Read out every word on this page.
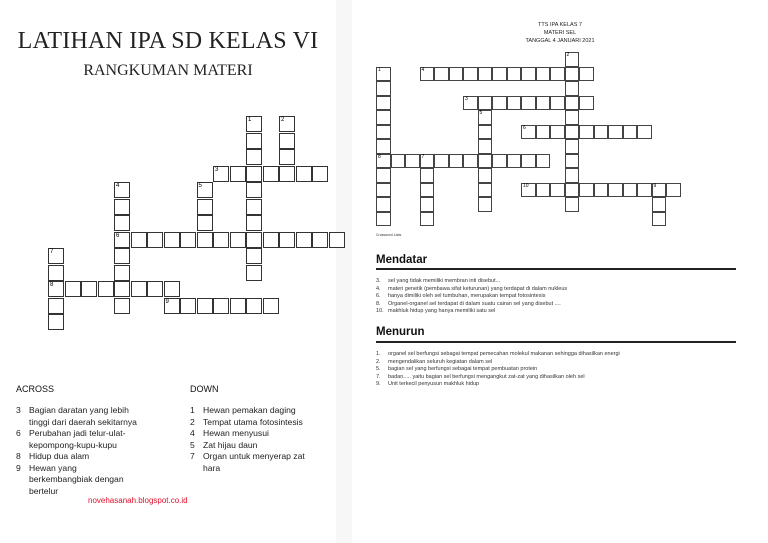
LATIHAN IPA SD KELAS VI
RANGKUMAN MATERI
1	2
3
4
6
5
7
8
9
ACROSS	DOWN
3 Bagian daratan yang lebih
tinggi dari daerah sekitarnya
6 Perubahan jadi telur-ulat-
kepompong-kupu-kupu
8 Hidup dua alam
9 Hewan yang
berkembangbiak dengan
bertelur
1 Hewan pemakan daging
2 Tempat utama fotosintesis
4 Hewan menyusui
5 Zat hijau daun
7 Organ untuk menyerap zat
hara
novehasanah.blogspot.co.id
TTS IPA KELAS 7
MATERI SEL
TANGGAL 4 JANUARI 2021
1
8
4
2
3
5
6
7
9
10
Crossword Labs
Mendatar
3. sel yang tidak memiliki membran inti disebut...
4. materi genetik (pembawa sifat keturunan) yang terdapat di dalam nukleus
6. hanya dimiliki oleh sel tumbuhan, merupakan tempat fotosintesis
8. Organel-organel sel terdapat di dalam suatu cairan sel yang disebut ....
10. makhluk hidup yang hanya memiliki satu sel
Menurun
1. organel sel berfungsi sebagai tempat pemecahan molekul makanan sehingga dihasilkan energi
2. mengendalikan seluruh kegiatan dalam sel
5. bagian sel yang berfungsi sebagai tempat pembuatan protein
7. badan..... yaitu bagian sel berfungsi mengangkut zat-zat yang dihasilkan oleh sel
9. Unit terkecil penyusun makhluk hidup
